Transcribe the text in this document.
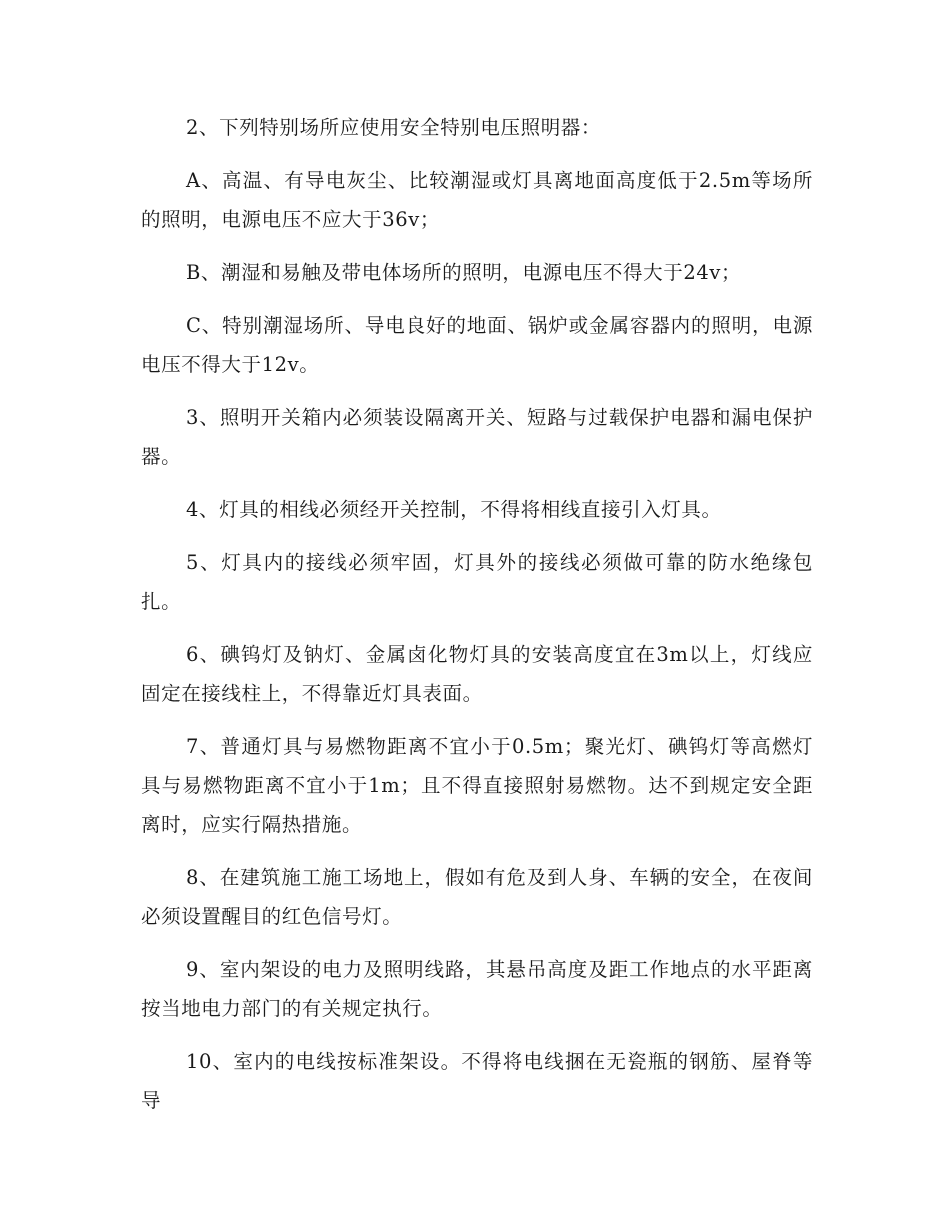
2、下列特别场所应使用安全特别电压照明器：

A、高温、有导电灰尘、比较潮湿或灯具离地面高度低于2.5m等场所的照明，电源电压不应大于36v；

B、潮湿和易触及带电体场所的照明，电源电压不得大于24v；

C、特别潮湿场所、导电良好的地面、锅炉或金属容器内的照明，电源电压不得大于12v。

3、照明开关箱内必须装设隔离开关、短路与过载保护电器和漏电保护器。

4、灯具的相线必须经开关控制，不得将相线直接引入灯具。

5、灯具内的接线必须牢固，灯具外的接线必须做可靠的防水绝缘包扎。

6、碘钨灯及钠灯、金属卤化物灯具的安装高度宜在3m以上，灯线应固定在接线柱上，不得靠近灯具表面。

7、普通灯具与易燃物距离不宜小于0.5m；聚光灯、碘钨灯等高燃灯具与易燃物距离不宜小于1m；且不得直接照射易燃物。达不到规定安全距离时，应实行隔热措施。

8、在建筑施工施工场地上，假如有危及到人身、车辆的安全，在夜间必须设置醒目的红色信号灯。

9、室内架设的电力及照明线路，其悬吊高度及距工作地点的水平距离按当地电力部门的有关规定执行。

10、室内的电线按标准架设。不得将电线捆在无瓷瓶的钢筋、屋脊等导
